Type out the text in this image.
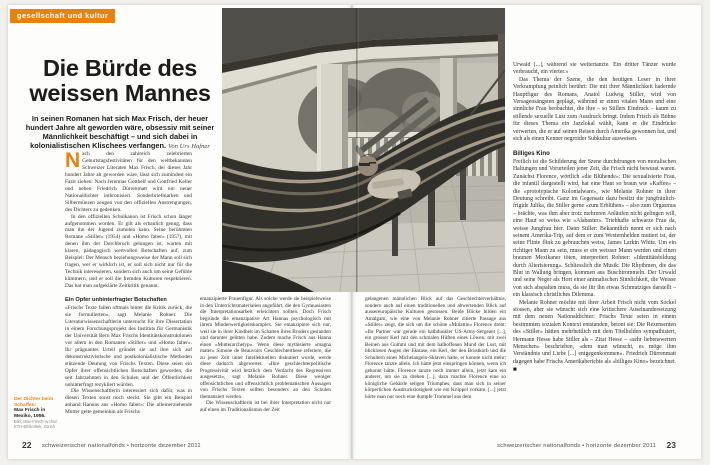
gesellschaft und kultur
Die Bürde des weissen Mannes

In seinen Romanen hat sich Max Frisch, der heuer hundert Jahre alt geworden wäre, obsessiv mit seiner Männlichkeit beschäftigt – und sich dabei in kolonialistischen Klischees verfangen. Von Urs Hafner

Nach den zahlreich zelebrierten Geburtstagsfestivitäten für den weltbekannten Schweizer Literaten Max Frisch, der dieses Jahr hundert Jahre alt geworden wäre, lässt sich zumindest ein Fazit ziehen: Nach Jeremias Gotthelf und Gottfried Keller und neben Friedrich Dürrenmatt wird ein neuer Nationaldichter inthronisiert. Sonderbriefmarken und Silbermünzen zeugen von den offiziellen Anstrengungen, des Dichters zu gedenken.

In den offiziellen Schulkanon ist Frisch schon länger aufgenommen worden. Er gilt als erbaulich genug, dass man ihn der Jugend zumuten kann. Seine berühmten Romane «Stiller» (1954) und «Homo faber» (1957), mit denen ihm der Durchbruch gelungen ist, warten mit klaren, pädagogisch wertvollen Botschaften auf, zum Beispiel: Der Mensch beziehungsweise der Mann soll sich fragen, wer er wirklich ist, er soll sich nicht nur für die Technik interessieren, sondern sich auch um seine Gefühle kümmern, und er soll die fremden Kulturen respektieren. Das hat man aufgeklärte Zeitkritik genannt.

Ein Opfer unhinterfragter Botschaften

«Frischs Texte fallen oftmals hinter die Kritik zurück, die sie formulierten», sagt Melanie Rohner. Die Literaturwissenschaftlerin untersucht für ihre Dissertation in einem Forschungsprojekt des Instituts für Germanistik der Universität Bern Max Frischs Identitätskonstruktionen vor allem in den Romanen «Stiller» und «Homo faber». Ihr prägnantes Urteil gründet sie auf ihre sich auf dekonstruktivistische und postkolonialistische Methoden stützende Deutung von Frischs Texten. Diese seien ein Opfer ihrer offensichtlichen Botschaften geworden, die seit Jahrzehnten in den Schulen und der Öffentlichkeit unhinterfragt rezykliert würden.

Die Wissenschaftlerin interessiert sich dafür, was in diesen Texten sonst noch steckt. Sie gibt ein Beispiel anhand Hannas aus «Homo faber»: Die alleinerziehende Mutter gelte gemeinhin als Frischs

emanzipierte Frauenfigur. Als solche werde sie beispielsweise in den Unterrichtsmaterialien angeführt, die den Gymnasiasten die Interpretationsarbeit erleichtern sollten. Doch Frisch begründe die emanzipative Art Hannas psychologisch mit ihrem Minderwertigkeitskomplex. Sie emanzipiere sich nur, weil sie in ihrer Kindheit im Schatten ihres Bruders gestanden und darunter gelitten habe. Zudem mache Frisch aus Hanna einen «Mutterarchetyp». Wenn diese mythisierte «magna mater» Simone de Beauvoirs Geschlechterthese referiere, die zu jener Zeit unter Intellektuellen diskutiert wurde, werde diese dadurch abgewertet. «Ihre geschlechterpolitische Progressivität wird letztlich dem Verdacht des Regressiven ausgesetzt», sagt Melanie Rohner. Diese weniger offensichtlichen und offensichtlich problematischen Aussagen von Frischs Texten sollten besonders an den Schulen thematisiert werden.

Die Wissenschaftlerin ist bei ihrer Interpretation nicht nur auf einen im Traditionalismus der Zeit

gelangenen männlichen Blick auf das Geschlechterverhältnis, sondern auch auf einen traditionellen und abwertenden Blick auf aussereuropäische Kulturen gestossen. Beide Blicke bilden ein Amalgam, wie eine von Melanie Rohner zitierte Passage aus «Stiller» zeigt, die sich um die schöne «Mulattin» Florence dreht: «Ihr Partner war gerade ein halbdunkler US-Army-Sergeant [...], ein grosser Kerl mit den schmalen Hüften eines Löwen, mit zwei Beinen aus Gummi und mit dem halboffenen Mund der Lust, mit blicklosen Augen der Ekstase, ein Kerl, der den Brustkorb und die Schultern eines Michelangelo-Sklaven hatte, er konnte nicht mehr; Florence tanzte allein. Ich hätte jetzt einspringen können, wenn ich gekonnt hätte. Florence tanzte noch immer allein, jetzt kam ein anderer, um sie zu drehen [...], dazu machte Florence eine so königliche Gebärde seligen Triumphes, dass man sich in seiner körperlichen Ausdruckslosigkeit wie ein Krüppel vorkam. [...] jetzt hörte man nur noch eine dumpfe Trommel aus dem

Urwald [...], während sie weitertanzte. Ein dritter Tänzer wurde verbraucht, ein vierter.»

Das Thema der Szene, die den heutigen Leser in ihrer Verkrampfung peinlich berührt: Die mit ihrer Männlichkeit hadernde Hauptfigur des Romans, Anatol Ludwig Stiller, wird von Versagensängsten geplagt, während er einen vitalen Mann und eine sinnliche Frau beobachtet, die ihre – so Stillers Eindruck – kaum zu stillende sexuelle Lust zum Ausdruck bringt. Indem Frisch als Bühne für dieses Thema ein Jazzlokal wählt, kann er die Eindrücke verwerten, die er auf seinen Reisen durch Amerika gewonnen hat, und sich als einen Kenner negroider Subkultur ausweisen.

Billiges Kino

Freilich ist die Schilderung der Szene durchdrungen von moralischen Haltungen und Vorurteilen jener Zeit, die Frisch nicht bewusst waren. Zunächst Florence, wörtlich «die Blühende»: Die sexualisierte Frau, die infantil dargestellt wird, hat eine Haut so braun wie «Kaffee» – die «prototypische Kolonialware», wie Melanie Rohner in ihrer Deutung schreibt. Ganz im Gegensatz dazu besitzt die jungfräulich-frigide Julika, die Stiller gerne «zum Erblühen» – also zum Orgasmus – brächte, was ihm aber trotz mehreren Anläufen nicht gelingen will, eine Haut so weiss wie «Alabaster». Triebhafte schwarze Frau da, weisse Jungfrau hier. Dann Stiller: Bekanntlich nennt er sich nach seinem Amerika-Trip, auf dem er zum Westernhelden mutiert ist, der seine Flinte flink zu gebrauchen weiss, James Larkin White. Um ein richtiger Mann zu sein, muss er ein weisser Mann werden und einen braunen Mexikaner töten, interpretiert Rohner: «Identitätsbildung durch Alterisierung». Schliesslich die Musik: Die Rhythmen, die das Blut in Wallung bringen, kommen aus Buschtrommeln. Der Urwald und seine Neger als Hort einer animalischen Sinnlichkeit, die Weisse von sich abspalten muss, da sie für ihn etwas Schmutziges darstellt – ein klassisch christliches Dilemma.

Melanie Rohner möchte mit ihrer Arbeit Frisch nicht vom Sockel stossen, aber sie wünscht sich eine kritischere Auseinandersetzung mit dem neuen Nationaldichter: Frischs Texte seien in einem bestimmten sozialen Kontext entstanden, betont sie: Die Rezensenten des «Stiller» hätten mehrheitlich mit dem Titelhelden sympathisiert, Hermann Hesse habe Stiller als – Zitat Hesse – «sehr liebenswerten Menschen» beschrieben, «dem man wünscht, es möge ihm Verständnis und Liebe [...] entgegenkommen». Friedrich Dürrenmatt dagegen habe Frischs Amerikaberichte als «billiges Kino» bezeichnet. ■

Der Dichter beim Schaffen:
Max Frisch in Mexiko, 1956.
Bild: Max-Frisch-Archiv/
ETH-Bibliothek, Zürich
22 schweizerischer nationalfonds • horizonte dezember 2011	schweizerischer nationalfonds • horizonte dezember 2011 23
